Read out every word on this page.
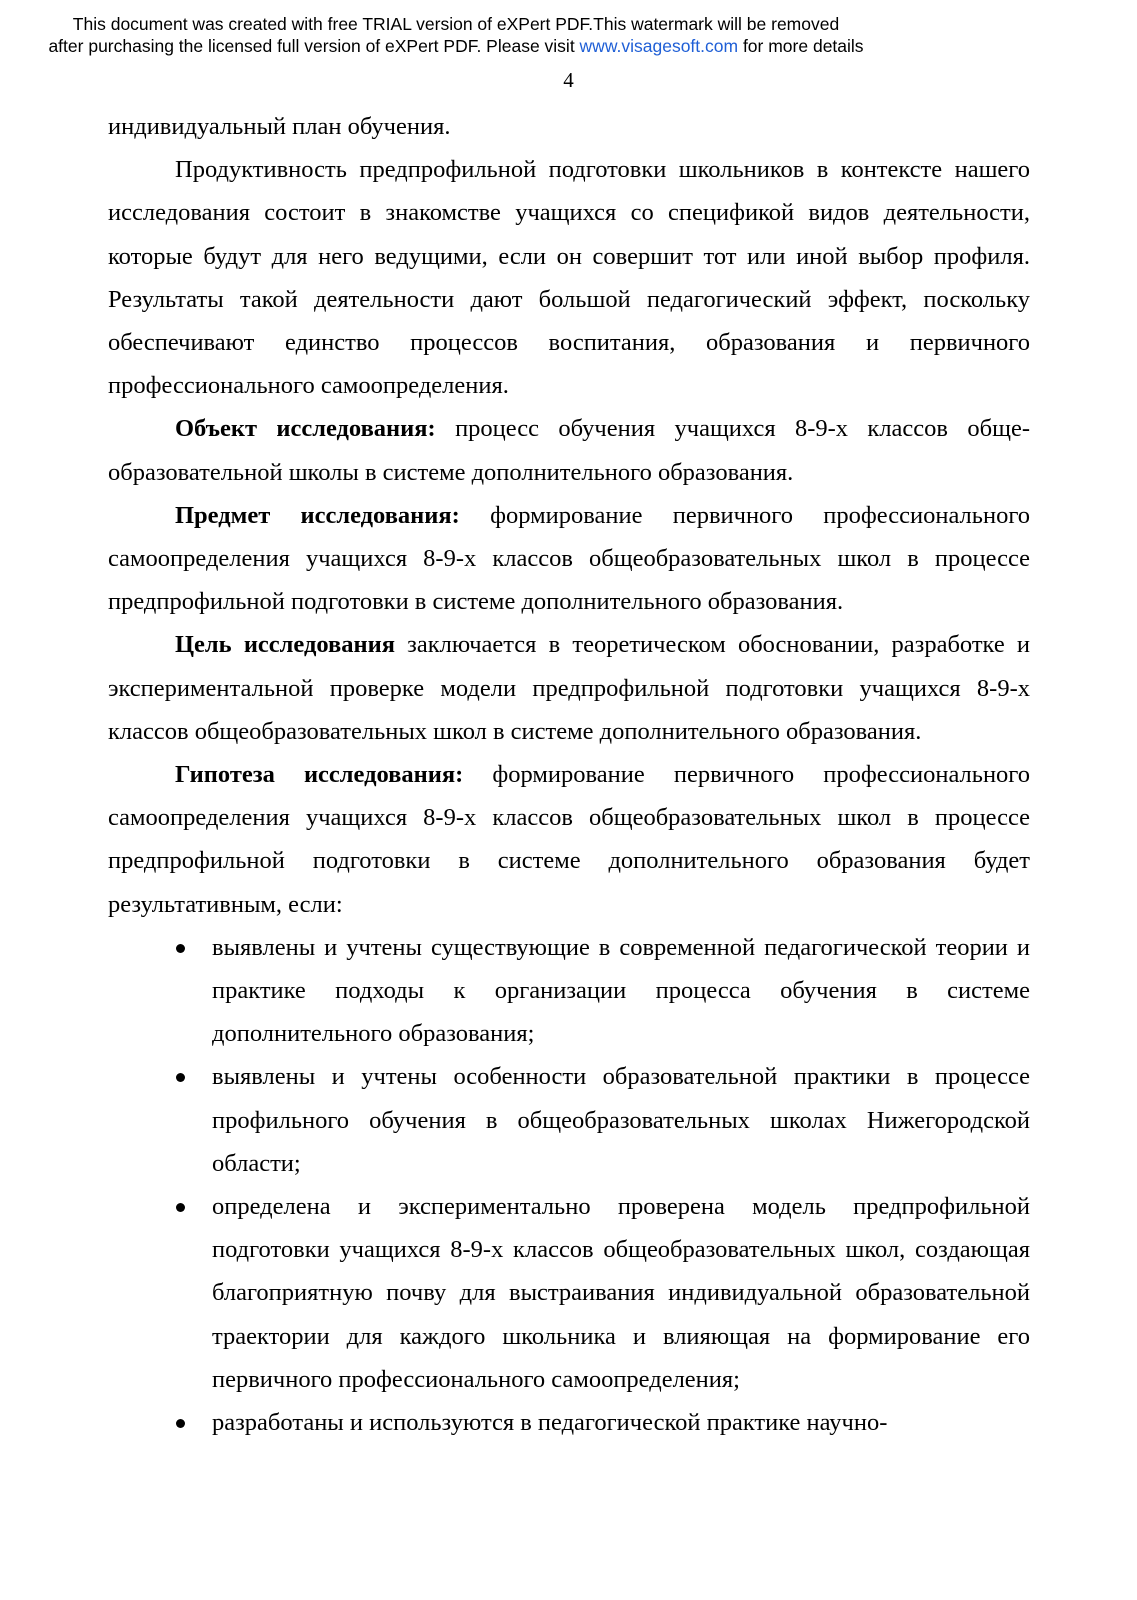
This document was created with free TRIAL version of eXPert PDF.This watermark will be removed
after purchasing the licensed full version of eXPert PDF. Please visit www.visagesoft.com for more details
4

индивидуальный план обучения.

Продуктивность предпрофильной подготовки школьников в контексте нашего исследования состоит в знакомстве учащихся со спецификой видов деятельности, которые будут для него ведущими, если он совершит тот или иной выбор профиля. Результаты такой деятельности дают большой педагогический эффект, поскольку обеспечивают единство процессов воспитания, образования и первичного профессионального самоопределения.

Объект исследования: процесс обучения учащихся 8-9-х классов общеобразовательной школы в системе дополнительного образования.

Предмет исследования: формирование первичного профессионального самоопределения учащихся 8-9-х классов общеобразовательных школ в процессе предпрофильной подготовки в системе дополнительного образования.

Цель исследования заключается в теоретическом обосновании, разработке и экспериментальной проверке модели предпрофильной подготовки учащихся 8-9-х классов общеобразовательных школ в системе дополнительного образования.

Гипотеза исследования: формирование первичного профессионального самоопределения учащихся 8-9-х классов общеобразовательных школ в процессе предпрофильной подготовки в системе дополнительного образования будет результативным, если:

выявлены и учтены существующие в современной педагогической теории и практике подходы к организации процесса обучения в системе дополнительного образования;
выявлены и учтены особенности образовательной практики в процессе профильного обучения в общеобразовательных школах Нижегородской области;
определена и экспериментально проверена модель предпрофильной подготовки учащихся 8-9-х классов общеобразовательных школ, создающая благоприятную почву для выстраивания индивидуальной образовательной траектории для каждого школьника и влияющая на формирование его первичного профессионального самоопределения;
разработаны и используются в педагогической практике научно-
